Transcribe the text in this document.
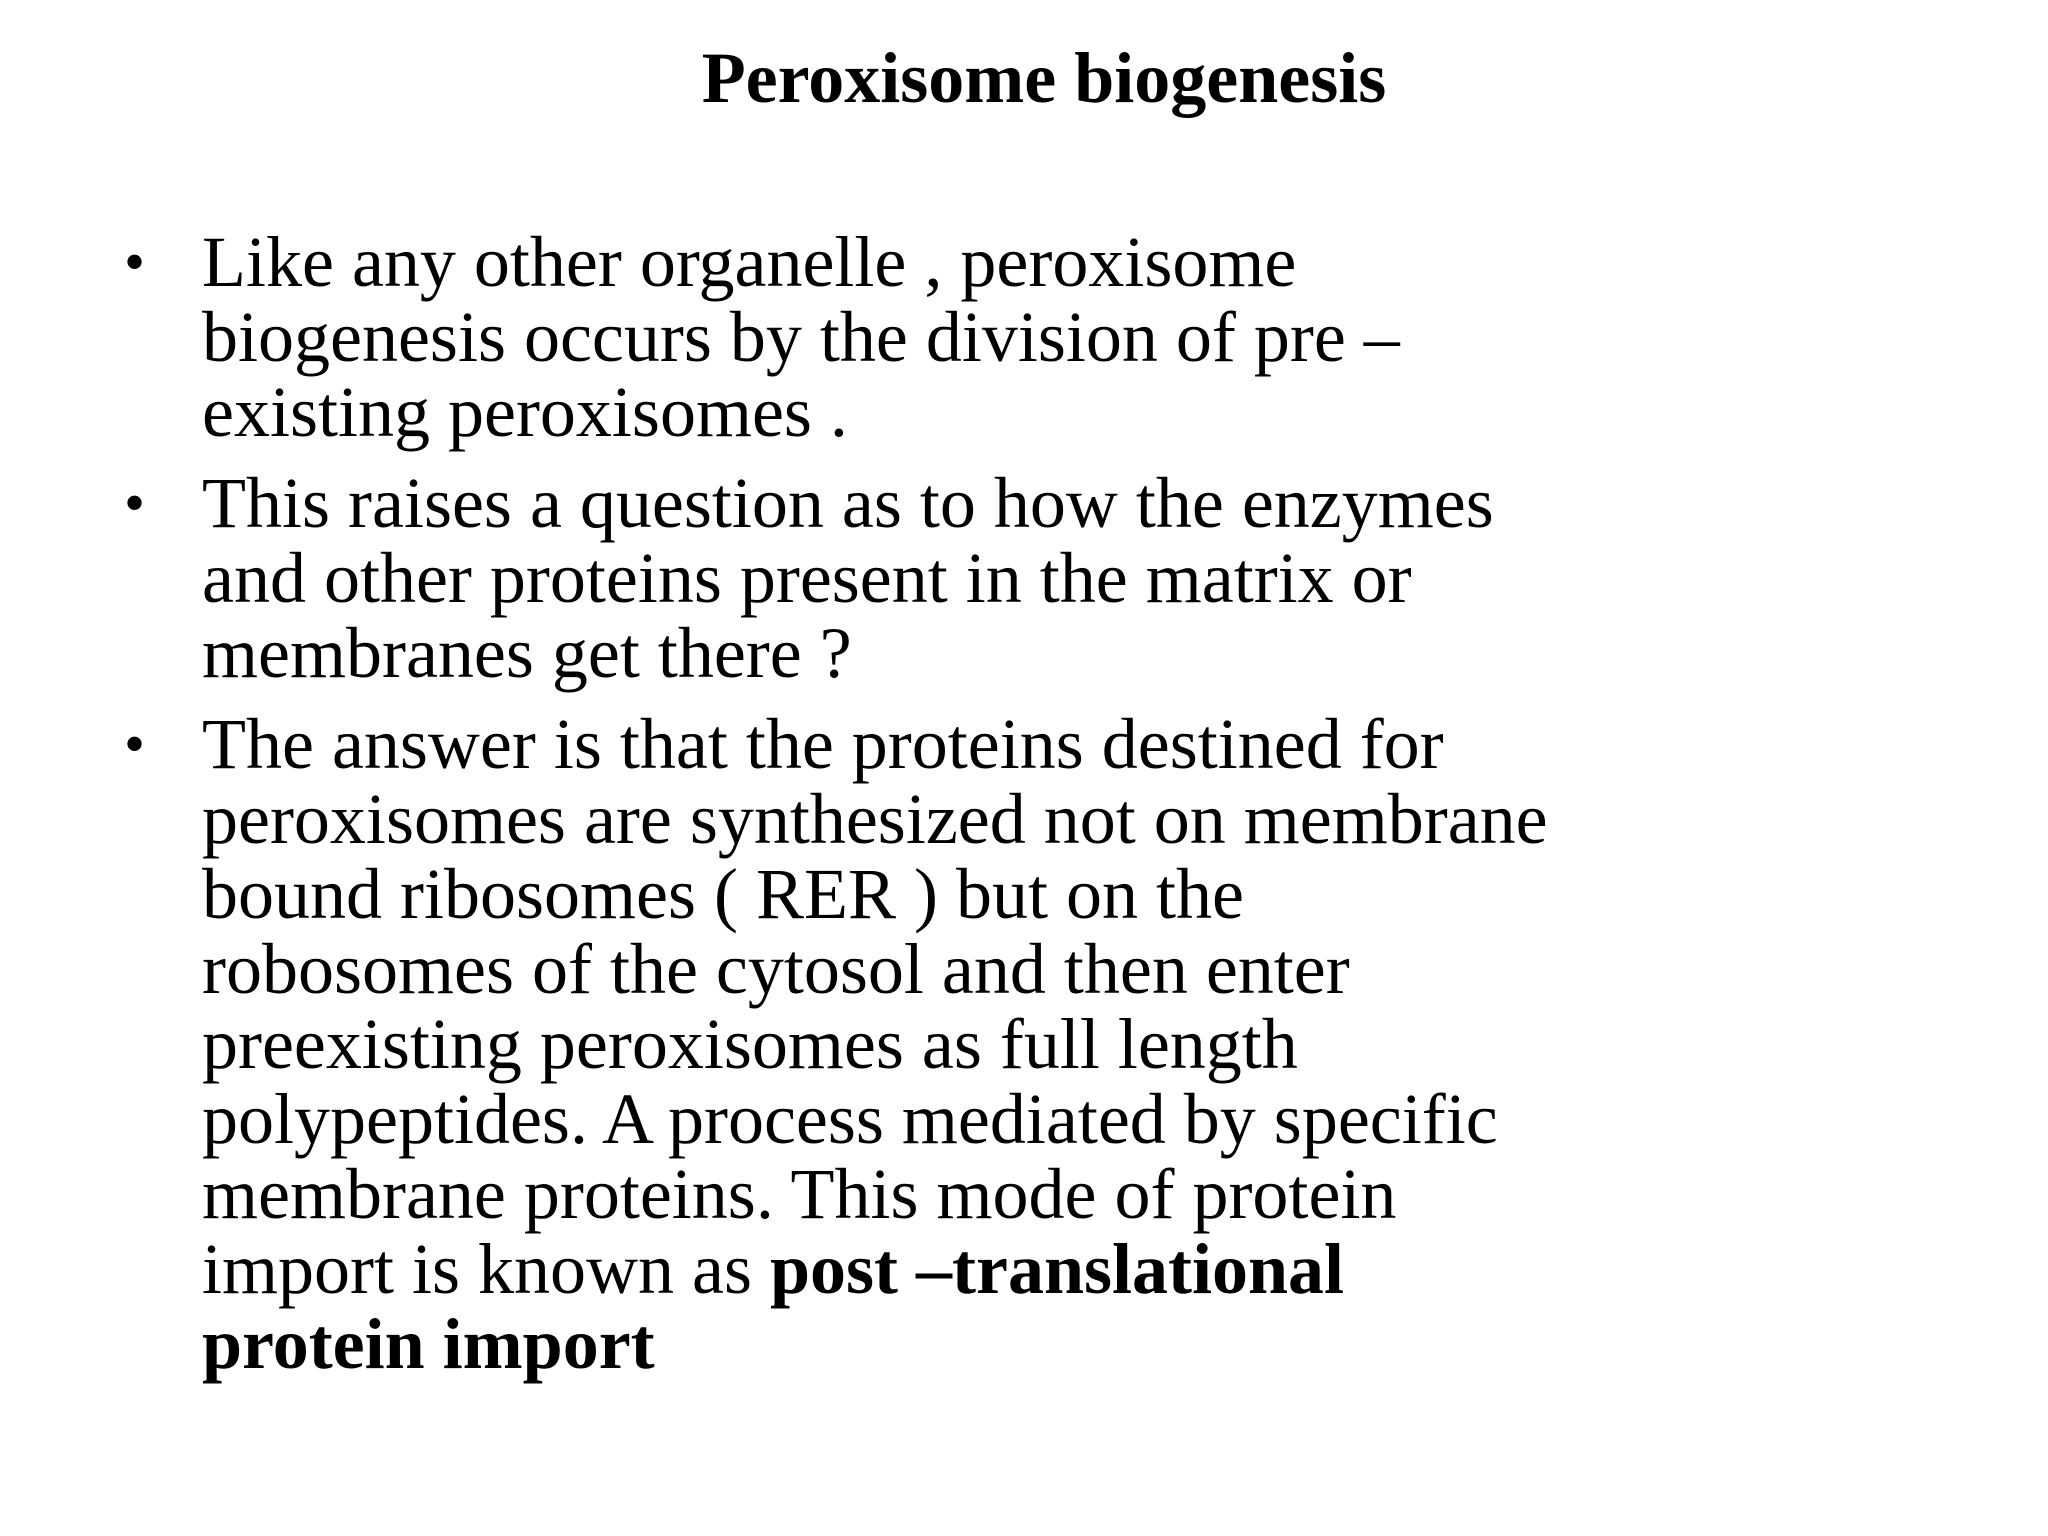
Peroxisome biogenesis
• Like any other organelle , peroxisome biogenesis occurs by the division of pre –existing peroxisomes .
• This raises a question as to how the enzymes and other proteins present in the matrix or membranes get there ?
• The answer is that the proteins destined for peroxisomes are synthesized not on membrane bound ribosomes ( RER ) but on the robosomes of the cytosol and then enter preexisting peroxisomes as full length polypeptides. A process mediated by specific membrane proteins. This mode of protein import is known as post –translational protein import
